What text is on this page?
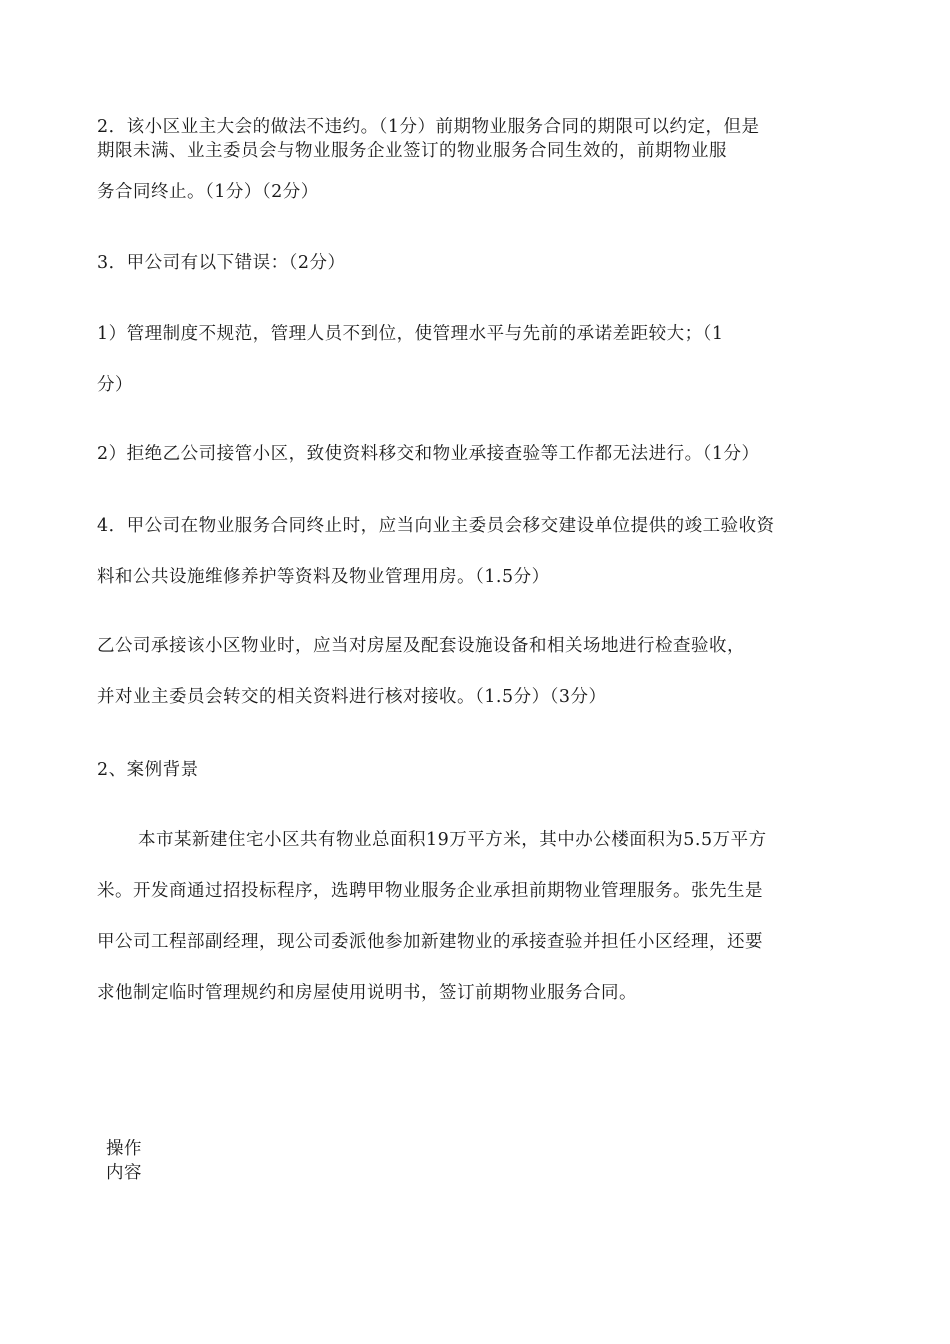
2．该小区业主大会的做法不违约。（1分）前期物业服务合同的期限可以约定，但是
期限未满、业主委员会与物业服务企业签订的物业服务合同生效的，前期物业服
务合同终止。（1分）（2分）
3．甲公司有以下错误：（2分）
1）管理制度不规范，管理人员不到位，使管理水平与先前的承诺差距较大；（1
分）
2）拒绝乙公司接管小区，致使资料移交和物业承接查验等工作都无法进行。（1分）
4．甲公司在物业服务合同终止时，应当向业主委员会移交建设单位提供的竣工验收资
料和公共设施维修养护等资料及物业管理用房。（1.5分）
乙公司承接该小区物业时，应当对房屋及配套设施设备和相关场地进行检查验收，
并对业主委员会转交的相关资料进行核对接收。（1.5分）（3分）
2、案例背景
本市某新建住宅小区共有物业总面积19万平方米，其中办公楼面积为5.5万平方
米。开发商通过招投标程序，选聘甲物业服务企业承担前期物业管理服务。张先生是
甲公司工程部副经理，现公司委派他参加新建物业的承接查验并担任小区经理，还要
求他制定临时管理规约和房屋使用说明书，签订前期物业服务合同。
操作
内容
